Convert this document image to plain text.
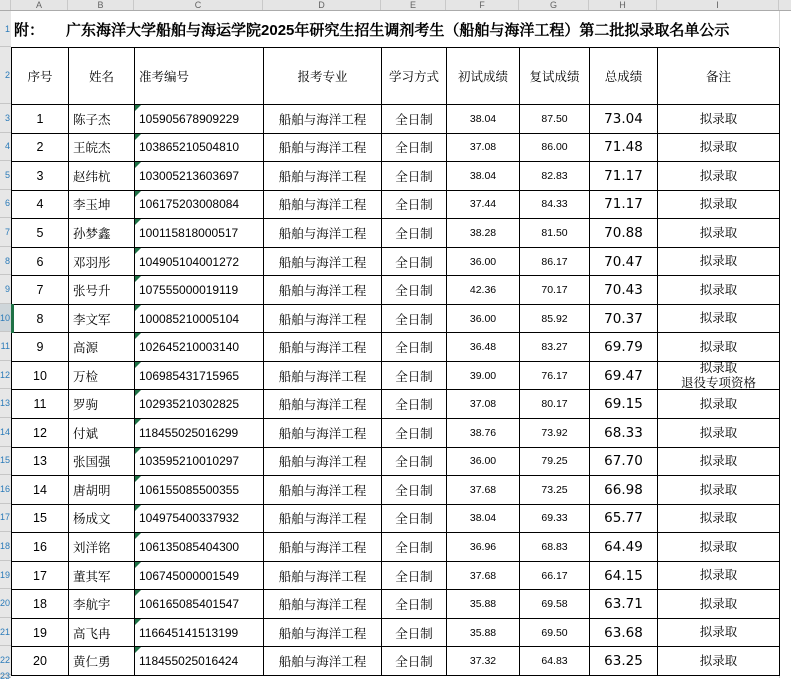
A	B	C	D	E	F	G	H	I
1
2
3
4
5
6
7
8
9
10
11
12
13
14
15
16
17
18
19
20
21
22
23
附： 广东海洋大学船舶与海运学院2025年研究生招生调剂考生（船舶与海洋工程）第二批拟录取名单公示
序号	姓名	准考编号	报考专业	学习方式	初试成绩	复试成绩	总成绩	备注
1	陈子杰	105905678909229	船舶与海洋工程	全日制	38.04	87.50	73.04	拟录取
2	王皖杰	103865210504810	船舶与海洋工程	全日制	37.08	86.00	71.48	拟录取
3	赵纬杭	103005213603697	船舶与海洋工程	全日制	38.04	82.83	71.17	拟录取
4	李玉坤	106175203008084	船舶与海洋工程	全日制	37.44	84.33	71.17	拟录取
5	孙梦鑫	100115818000517	船舶与海洋工程	全日制	38.28	81.50	70.88	拟录取
6	邓羽彤	104905104001272	船舶与海洋工程	全日制	36.00	86.17	70.47	拟录取
7	张号升	107555000019119	船舶与海洋工程	全日制	42.36	70.17	70.43	拟录取
8	李文军	100085210005104	船舶与海洋工程	全日制	36.00	85.92	70.37	拟录取
9	高源	102645210003140	船舶与海洋工程	全日制	36.48	83.27	69.79	拟录取
10	万检	106985431715965	船舶与海洋工程	全日制	39.00	76.17	69.47	拟录取
退役专项资格
11	罗驹	102935210302825	船舶与海洋工程	全日制	37.08	80.17	69.15	拟录取
12	付斌	118455025016299	船舶与海洋工程	全日制	38.76	73.92	68.33	拟录取
13	张国强	103595210010297	船舶与海洋工程	全日制	36.00	79.25	67.70	拟录取
14	唐胡明	106155085500355	船舶与海洋工程	全日制	37.68	73.25	66.98	拟录取
15	杨成文	104975400337932	船舶与海洋工程	全日制	38.04	69.33	65.77	拟录取
16	刘洋铭	106135085404300	船舶与海洋工程	全日制	36.96	68.83	64.49	拟录取
17	董其军	106745000001549	船舶与海洋工程	全日制	37.68	66.17	64.15	拟录取
18	李航宇	106165085401547	船舶与海洋工程	全日制	35.88	69.58	63.71	拟录取
19	高飞冉	116645141513199	船舶与海洋工程	全日制	35.88	69.50	63.68	拟录取
20	黄仁勇	118455025016424	船舶与海洋工程	全日制	37.32	64.83	63.25	拟录取
